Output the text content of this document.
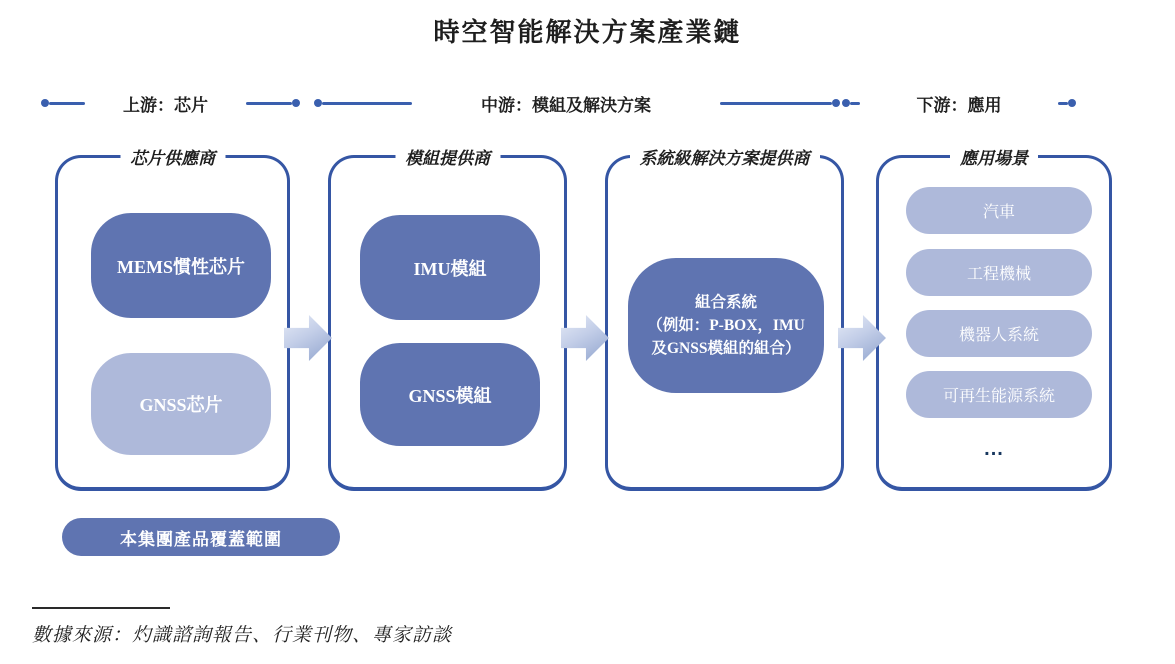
時空智能解決方案產業鏈
上游：芯片	中游：模組及解決方案	下游：應用
芯片供應商
MEMS慣性芯片
GNSS芯片
模組提供商
IMU模組
GNSS模組
系統級解決方案提供商
組合系統
（例如：P-BOX，IMU
及GNSS模組的組合）
應用場景
汽車
工程機械
機器人系統
可再生能源系統
...
本集團產品覆蓋範圍
數據來源：灼識諮詢報告、行業刊物、專家訪談
